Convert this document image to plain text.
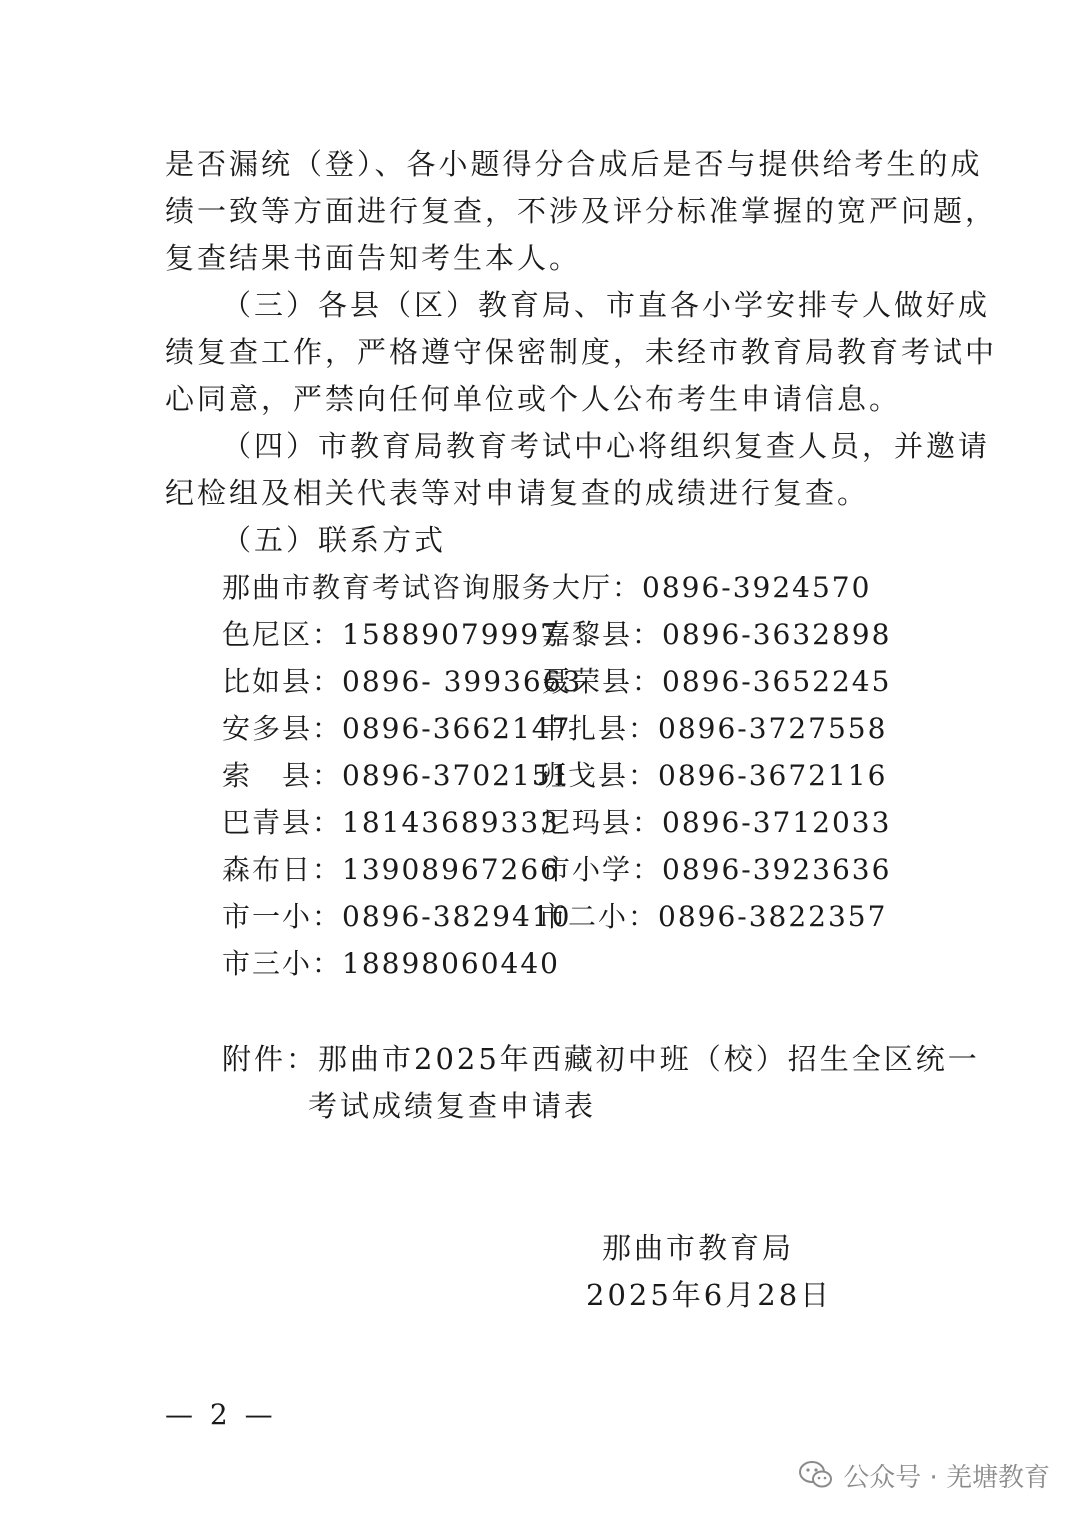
是否漏统（登）、各小题得分合成后是否与提供给考生的成
绩一致等方面进行复查，不涉及评分标准掌握的宽严问题，
复查结果书面告知考生本人。
（三）各县（区）教育局、市直各小学安排专人做好成
绩复查工作，严格遵守保密制度，未经市教育局教育考试中
心同意，严禁向任何单位或个人公布考生申请信息。
（四）市教育局教育考试中心将组织复查人员，并邀请
纪检组及相关代表等对申请复查的成绩进行复查。
（五）联系方式
那曲市教育考试咨询服务大厅：0896-3924570
色尼区：15889079997
嘉黎县：0896-3632898
比如县：0896- 3993663
聂荣县：0896-3652245
安多县：0896-3662147
申扎县：0896-3727558
索　县：0896-3702151
班戈县：0896-3672116
巴青县：18143689333
尼玛县：0896-3712033
森布日：13908967266
市小学：0896-3923636
市一小：0896-3829410
市二小：0896-3822357
市三小：18898060440
附件：那曲市2025年西藏初中班（校）招生全区统一
考试成绩复查申请表
那曲市教育局
2025年6月28日
— 2 —
公众号 · 羌塘教育
